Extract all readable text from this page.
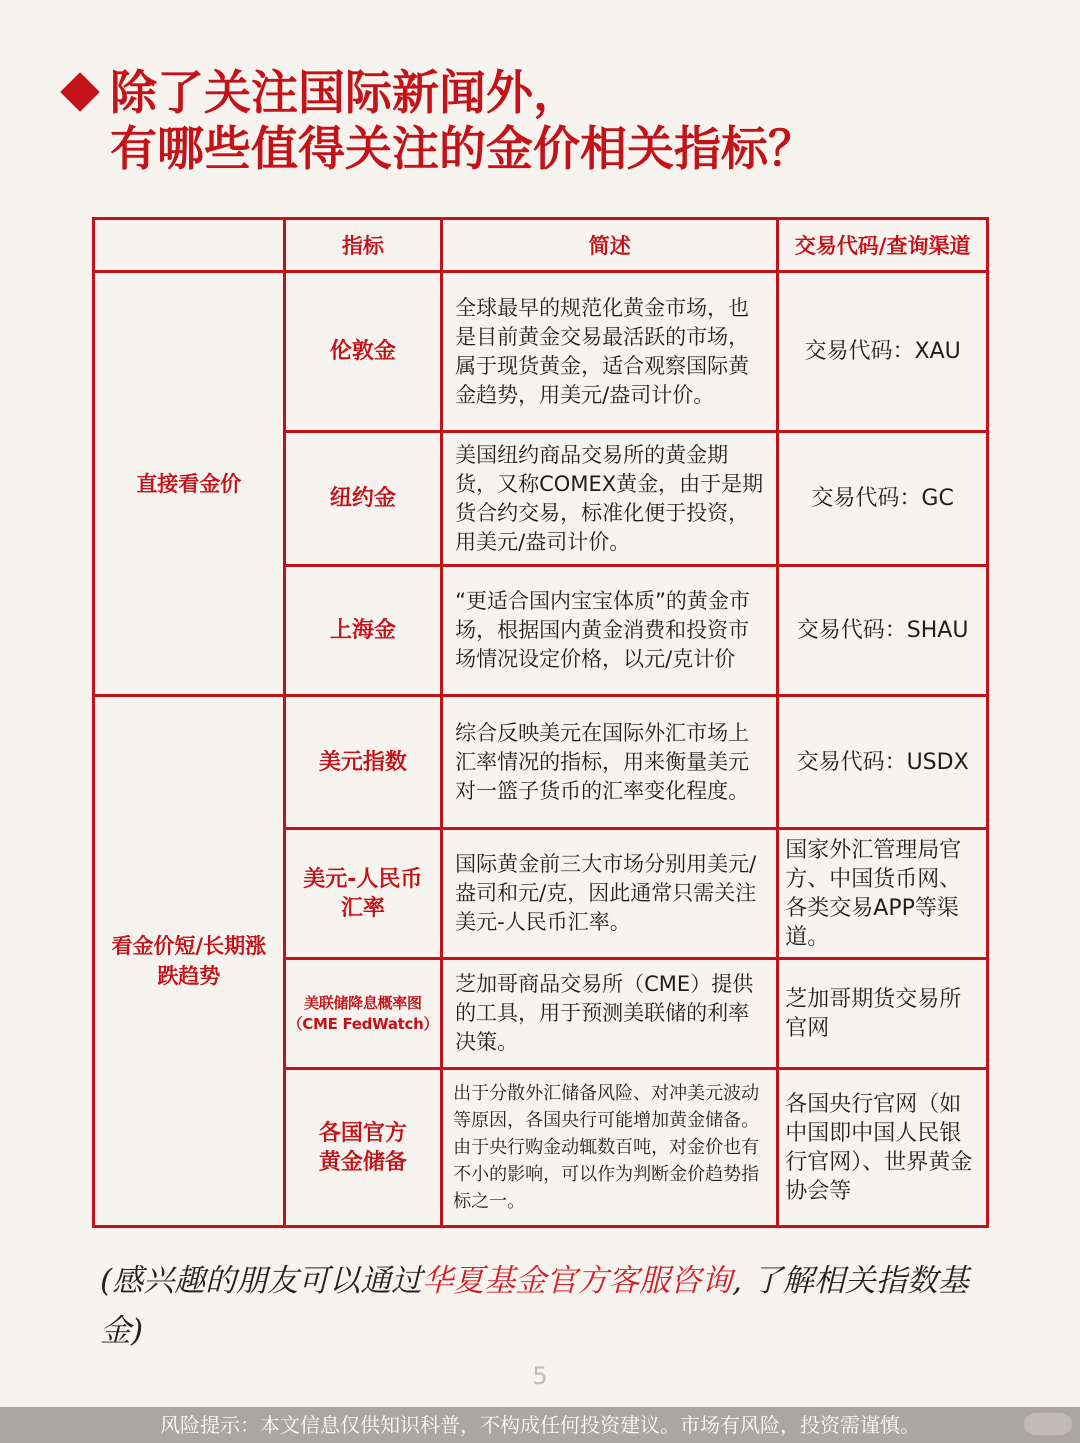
除了关注国际新闻外，
有哪些值得关注的金价相关指标？
	指标	简述	交易代码/查询渠道
直接看金价	伦敦金	全球最早的规范化黄金市场，也是目前黄金交易最活跃的市场，属于现货黄金，适合观察国际黄金趋势，用美元/盎司计价。	交易代码：XAU
	纽约金	美国纽约商品交易所的黄金期货，又称COMEX黄金，由于是期货合约交易，标准化便于投资，用美元/盎司计价。	交易代码：GC
	上海金	“更适合国内宝宝体质”的黄金市场，根据国内黄金消费和投资市场情况设定价格，以元/克计价	交易代码：SHAU
看金价短/长期涨跌趋势	美元指数	综合反映美元在国际外汇市场上汇率情况的指标，用来衡量美元对一篮子货币的汇率变化程度。	交易代码：USDX
	美元-人民币汇率	国际黄金前三大市场分别用美元/盎司和元/克，因此通常只需关注美元-人民币汇率。	国家外汇管理局官方、中国货币网、各类交易APP等渠道。
	美联储降息概率图（CME FedWatch）	芝加哥商品交易所（CME）提供的工具，用于预测美联储的利率决策。	芝加哥期货交易所官网
	各国官方黄金储备	出于分散外汇储备风险、对冲美元波动等原因，各国央行可能增加黄金储备。由于央行购金动辄数百吨，对金价也有不小的影响，可以作为判断金价趋势指标之一。	各国央行官网（如中国即中国人民银行官网）、世界黄金协会等
(感兴趣的朋友可以通过华夏基金官方客服咨询, 了解相关指数基金)
5
风险提示：本文信息仅供知识科普，不构成任何投资建议。市场有风险，投资需谨慎。
